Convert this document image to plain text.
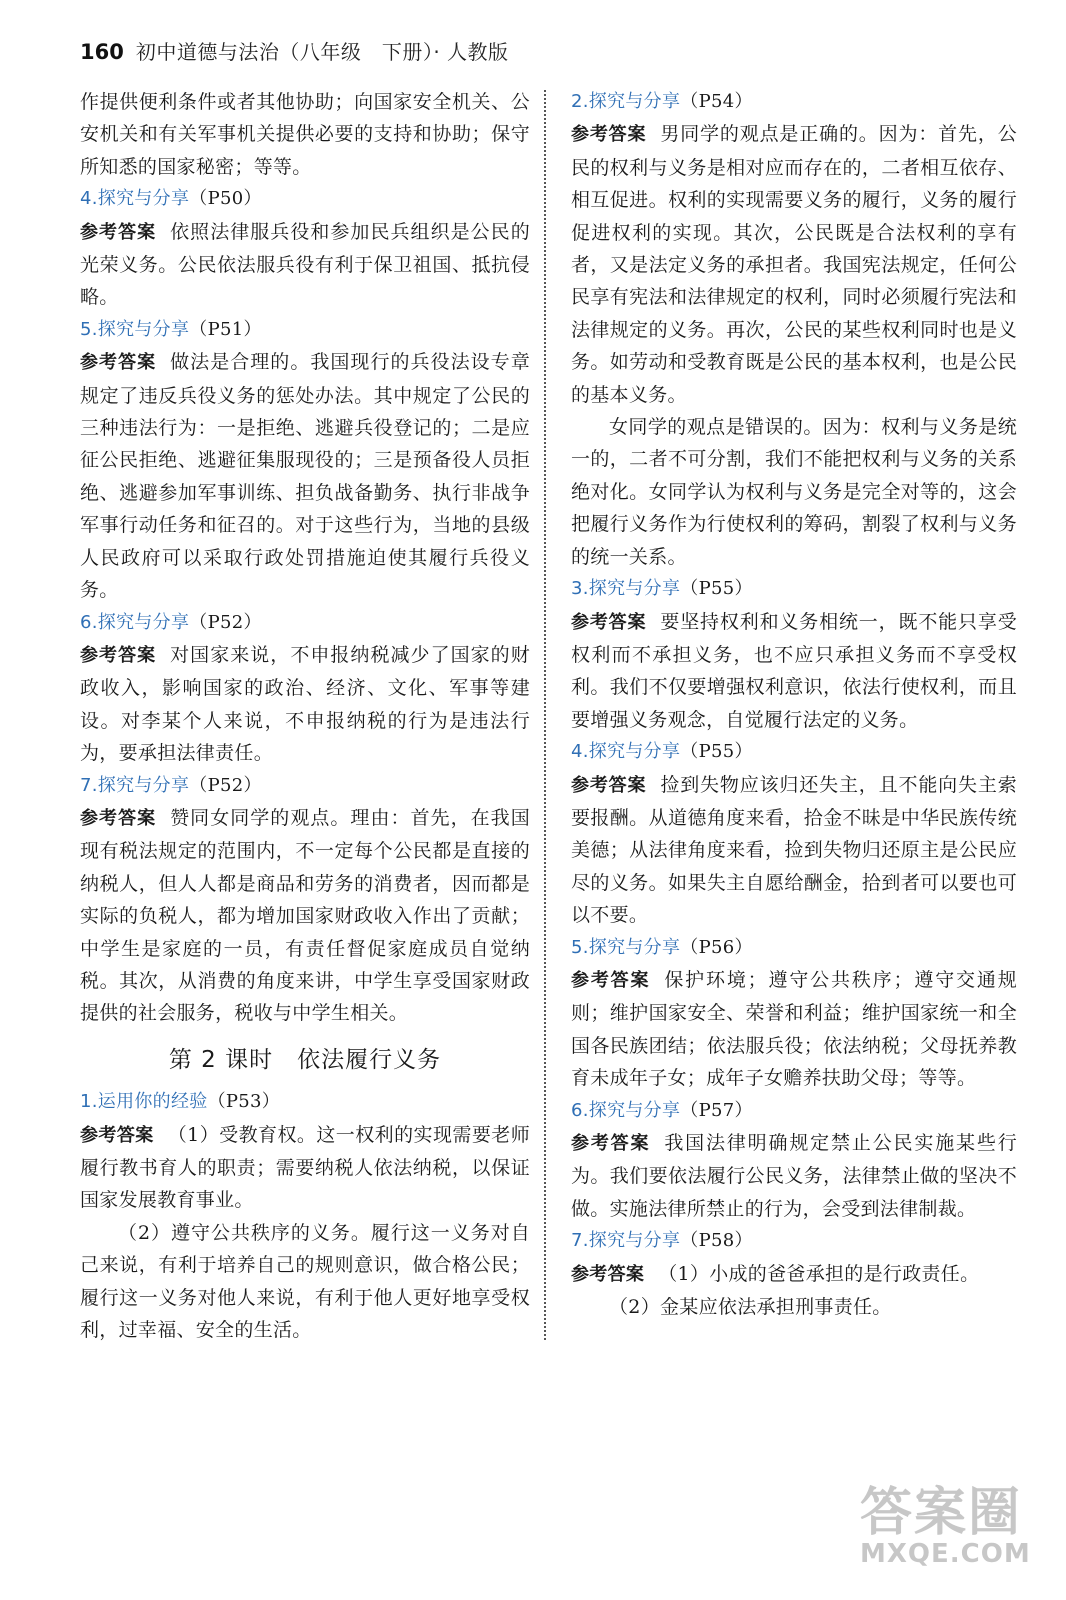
160 初中道德与法治（八年级　下册）· 人教版

作提供便利条件或者其他协助；向国家安全机关、公安机关和有关军事机关提供必要的支持和协助；保守所知悉的国家秘密；等等。

4.探究与分享（P50）

参考答案 依照法律服兵役和参加民兵组织是公民的光荣义务。公民依法服兵役有利于保卫祖国、抵抗侵略。

5.探究与分享（P51）

参考答案 做法是合理的。我国现行的兵役法设专章规定了违反兵役义务的惩处办法。其中规定了公民的三种违法行为：一是拒绝、逃避兵役登记的；二是应征公民拒绝、逃避征集服现役的；三是预备役人员拒绝、逃避参加军事训练、担负战备勤务、执行非战争军事行动任务和征召的。对于这些行为，当地的县级人民政府可以采取行政处罚措施迫使其履行兵役义务。

6.探究与分享（P52）

参考答案 对国家来说，不申报纳税减少了国家的财政收入，影响国家的政治、经济、文化、军事等建设。对李某个人来说，不申报纳税的行为是违法行为，要承担法律责任。

7.探究与分享（P52）

参考答案 赞同女同学的观点。理由：首先，在我国现有税法规定的范围内，不一定每个公民都是直接的纳税人，但人人都是商品和劳务的消费者，因而都是实际的负税人，都为增加国家财政收入作出了贡献；中学生是家庭的一员，有责任督促家庭成员自觉纳税。其次，从消费的角度来讲，中学生享受国家财政提供的社会服务，税收与中学生相关。

第 2 课时　依法履行义务
1.运用你的经验（P53）

参考答案 （1）受教育权。这一权利的实现需要老师履行教书育人的职责；需要纳税人依法纳税，以保证国家发展教育事业。

（2）遵守公共秩序的义务。履行这一义务对自己来说，有利于培养自己的规则意识，做合格公民；履行这一义务对他人来说，有利于他人更好地享受权利，过幸福、安全的生活。

2.探究与分享（P54）

参考答案 男同学的观点是正确的。因为：首先，公民的权利与义务是相对应而存在的，二者相互依存、相互促进。权利的实现需要义务的履行，义务的履行促进权利的实现。其次，公民既是合法权利的享有者，又是法定义务的承担者。我国宪法规定，任何公民享有宪法和法律规定的权利，同时必须履行宪法和法律规定的义务。再次，公民的某些权利同时也是义务。如劳动和受教育既是公民的基本权利，也是公民的基本义务。

女同学的观点是错误的。因为：权利与义务是统一的，二者不可分割，我们不能把权利与义务的关系绝对化。女同学认为权利与义务是完全对等的，这会把履行义务作为行使权利的筹码，割裂了权利与义务的统一关系。

3.探究与分享（P55）

参考答案 要坚持权利和义务相统一，既不能只享受权利而不承担义务，也不应只承担义务而不享受权利。我们不仅要增强权利意识，依法行使权利，而且要增强义务观念，自觉履行法定的义务。

4.探究与分享（P55）

参考答案 捡到失物应该归还失主，且不能向失主索要报酬。从道德角度来看，拾金不昧是中华民族传统美德；从法律角度来看，捡到失物归还原主是公民应尽的义务。如果失主自愿给酬金，拾到者可以要也可以不要。

5.探究与分享（P56）

参考答案 保护环境；遵守公共秩序；遵守交通规则；维护国家安全、荣誉和利益；维护国家统一和全国各民族团结；依法服兵役；依法纳税；父母抚养教育未成年子女；成年子女赡养扶助父母；等等。

6.探究与分享（P57）

参考答案 我国法律明确规定禁止公民实施某些行为。我们要依法履行公民义务，法律禁止做的坚决不做。实施法律所禁止的行为，会受到法律制裁。

7.探究与分享（P58）

参考答案 （1）小成的爸爸承担的是行政责任。

（2）金某应依法承担刑事责任。

答案圈
MXQE.COM
